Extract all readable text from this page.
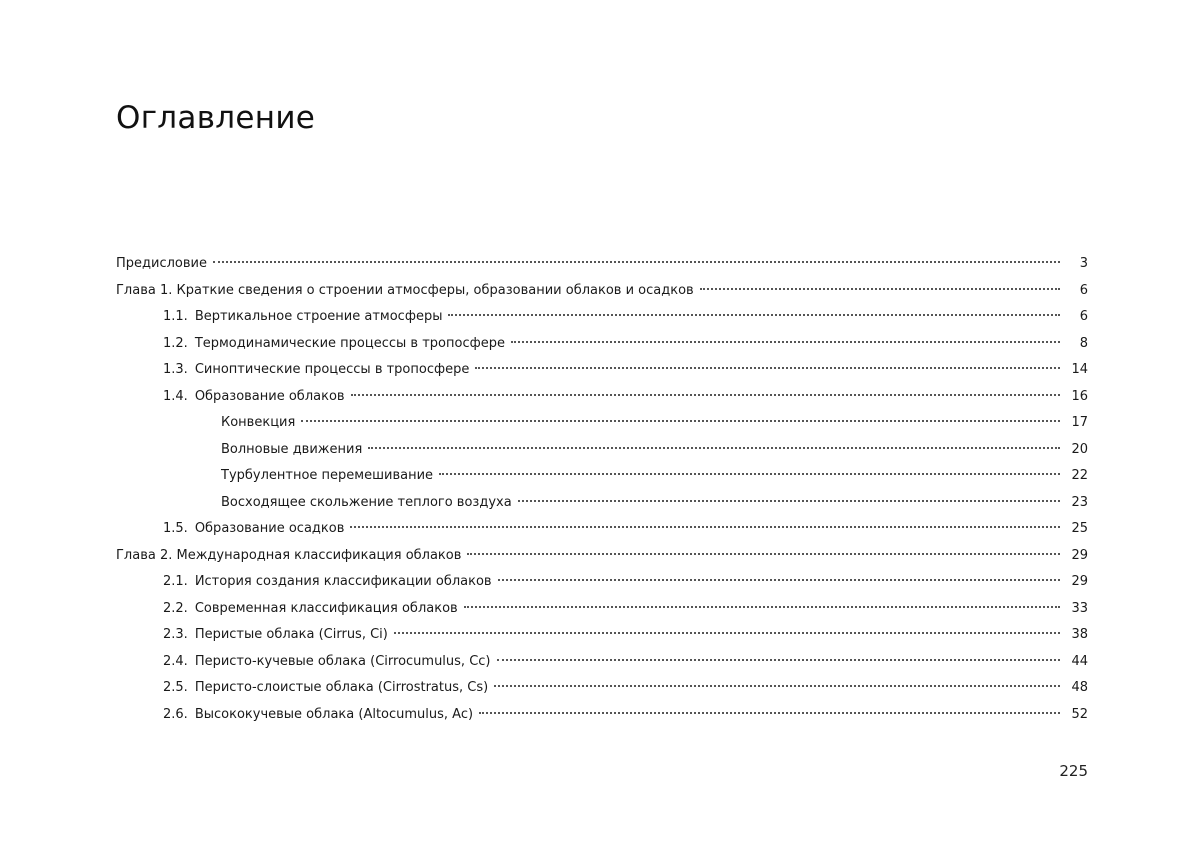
Оглавление
Предисловие	3
Глава 1. Краткие сведения о строении атмосферы, образовании облаков и осадков	6
1.1. Вертикальное строение атмосферы	6
1.2. Термодинамические процессы в тропосфере	8
1.3. Синоптические процессы в тропосфере	14
1.4. Образование облаков	16
Конвекция	17
Волновые движения	20
Турбулентное перемешивание	22
Восходящее скольжение теплого воздуха	23
1.5. Образование осадков	25
Глава 2. Международная классификация облаков	29
2.1. История создания классификации облаков	29
2.2. Современная классификация облаков	33
2.3. Перистые облака (Cirrus, Ci)	38
2.4. Перисто-кучевые облака (Cirrocumulus, Cc)	44
2.5. Перисто-слоистые облака (Cirrostratus, Cs)	48
2.6. Высококучевые облака (Altocumulus, Ac)	52
225
